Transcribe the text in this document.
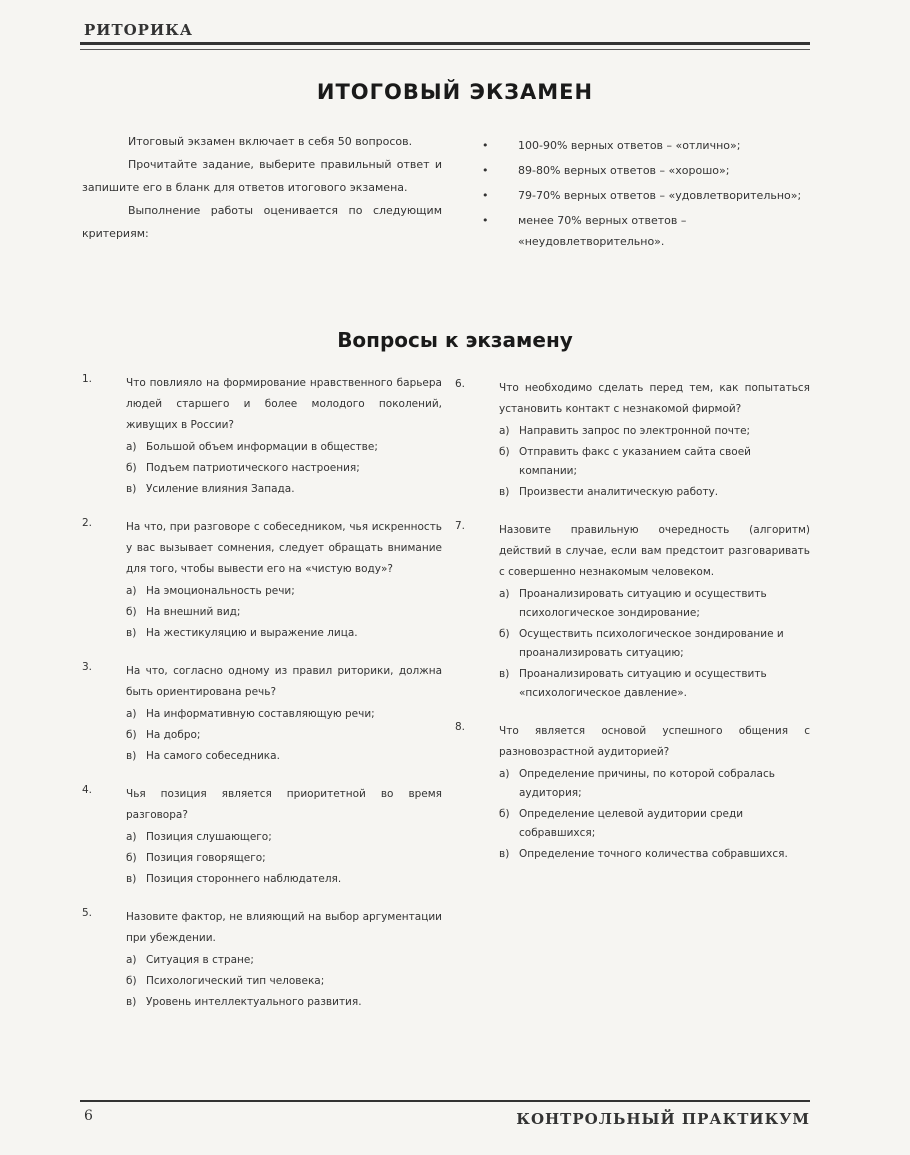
РИТОРИКА
ИТОГОВЫЙ ЭКЗАМЕН

Итоговый экзамен включает в себя 50 вопросов.

Прочитайте задание, выберите правильный ответ и запишите его в бланк для ответов итогового экзамена.

Выполнение работы оценивается по следующим критериям:

• 100-90% верных ответов – «отлично»;
• 89-80% верных ответов – «хорошо»;
• 79-70% верных ответов – «удовлетворительно»;
• менее 70% верных ответов – «неудовлетворительно».
Вопросы к экзамену
1.	Что повлияло на формирование нравственного барьера людей старшего и более молодого поколений, живущих в России?
а) Большой объем информации в обществе;
б) Подъем патриотического настроения;
в) Усиление влияния Запада.
2.	На что, при разговоре с собеседником, чья искренность у вас вызывает сомнения, следует обращать внимание для того, чтобы вывести его на «чистую воду»?
а) На эмоциональность речи;
б) На внешний вид;
в) На жестикуляцию и выражение лица.
3.	На что, согласно одному из правил риторики, должна быть ориентирована речь?
а) На информативную составляющую речи;
б) На добро;
в) На самого собеседника.
4.	Чья позиция является приоритетной во время разговора?
а) Позиция слушающего;
б) Позиция говорящего;
в) Позиция стороннего наблюдателя.
5.	Назовите фактор, не влияющий на выбор аргументации при убеждении.
а) Ситуация в стране;
б) Психологический тип человека;
в) Уровень интеллектуального развития.
6.	Что необходимо сделать перед тем, как попытаться установить контакт с незнакомой фирмой?
а) Направить запрос по электронной почте;
б) Отправить факс с указанием сайта своей компании;
в) Произвести аналитическую работу.
7.	Назовите правильную очередность (алгоритм) действий в случае, если вам предстоит разговаривать с совершенно незнакомым человеком.
а) Проанализировать ситуацию и осуществить психологическое зондирование;
б) Осуществить психологическое зондирование и проанализировать ситуацию;
в) Проанализировать ситуацию и осуществить «психологическое давление».
8.	Что является основой успешного общения с разновозрастной аудиторией?
а) Определение причины, по которой собралась аудитория;
б) Определение целевой аудитории среди собравшихся;
в) Определение точного количества собравшихся.
6	КОНТРОЛЬНЫЙ ПРАКТИКУМ
